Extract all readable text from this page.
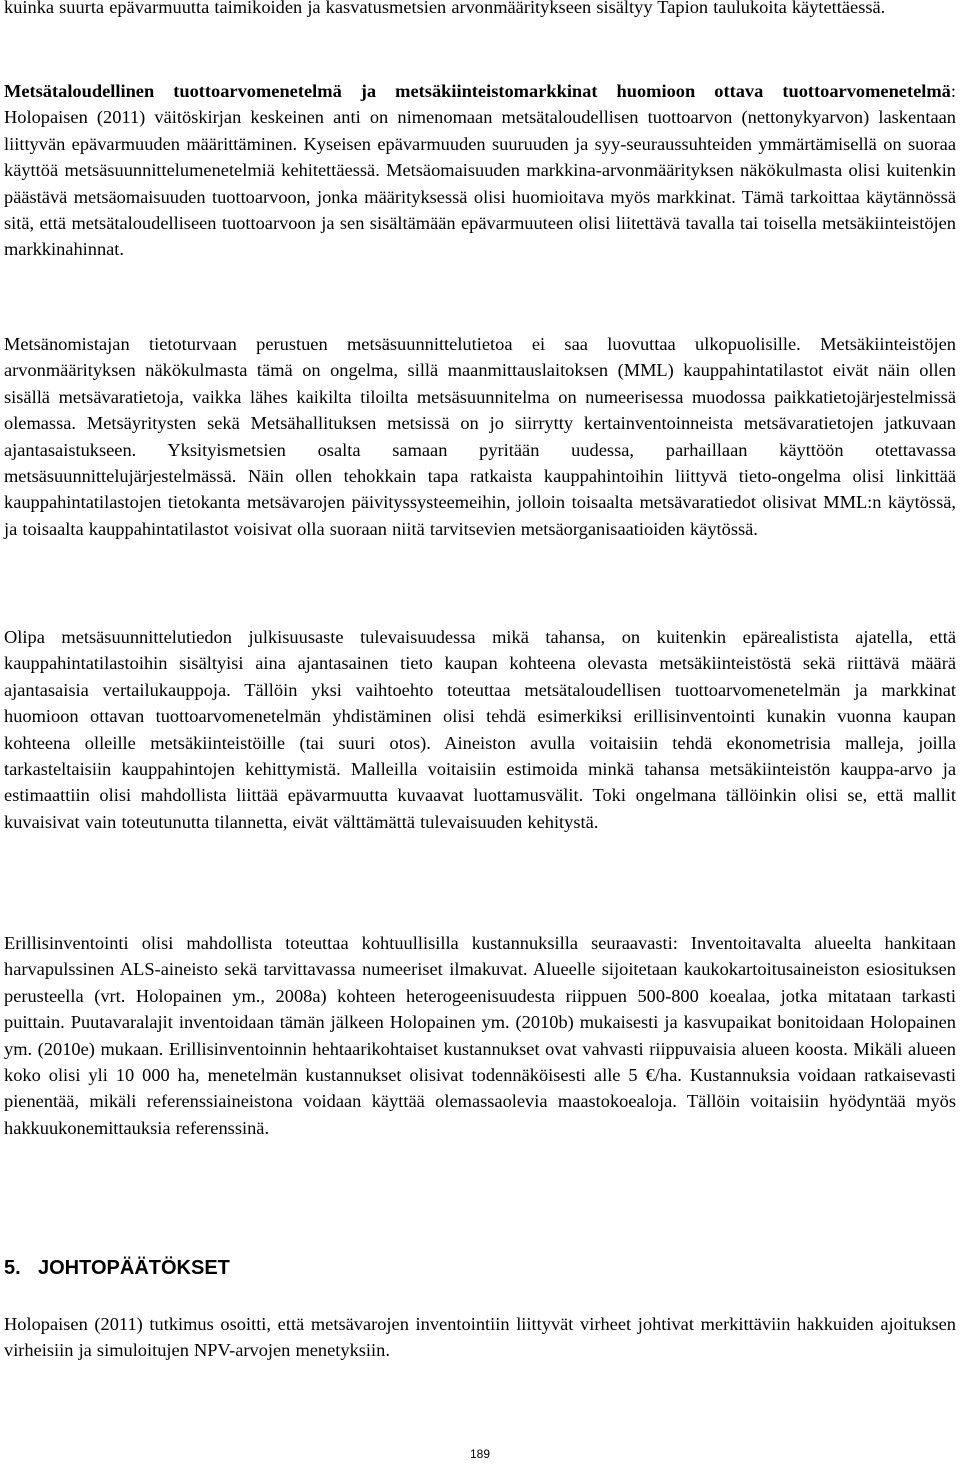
kuinka suurta epävarmuutta taimikoiden ja kasvatusmetsien arvonmääritykseen sisältyy Tapion taulukoita käytettäessä.

Metsätaloudellinen tuottoarvomenetelmä ja metsäkiinteistomarkkinat huomioon ottava tuottoarvomenetelmä: Holopaisen (2011) väitöskirjan keskeinen anti on nimenomaan metsätaloudellisen tuottoarvon (nettonykyarvon) laskentaan liittyvän epävarmuuden määrittäminen. Kyseisen epävarmuuden suuruuden ja syy-seuraussuhteiden ymmärtämisellä on suoraa käyttöä metsäsuunnittelumenetelmiä kehitettäessä. Metsäomaisuuden markkina-arvonmäärityksen näkökulmasta olisi kuitenkin päästävä metsäomaisuuden tuottoarvoon, jonka määrityksessä olisi huomioitava myös markkinat. Tämä tarkoittaa käytännössä sitä, että metsätaloudelliseen tuottoarvoon ja sen sisältämään epävarmuuteen olisi liitettävä tavalla tai toisella metsäkiinteistöjen markkinahinnat.

Metsänomistajan tietoturvaan perustuen metsäsuunnittelutietoa ei saa luovuttaa ulkopuolisille. Metsäkiinteistöjen arvonmäärityksen näkökulmasta tämä on ongelma, sillä maanmittauslaitoksen (MML) kauppahintatilastot eivät näin ollen sisällä metsävaratietoja, vaikka lähes kaikilta tiloilta metsäsuunnitelma on numeerisessa muodossa paikkatietojärjestelmissä olemassa. Metsäyritysten sekä Metsähallituksen metsissä on jo siirrytty kertainventoinneista metsävaratietojen jatkuvaan ajantasaistukseen. Yksityismetsien osalta samaan pyritään uudessa, parhaillaan käyttöön otettavassa metsäsuunnittelujärjestelmässä. Näin ollen tehokkain tapa ratkaista kauppahintoihin liittyvä tieto-ongelma olisi linkittää kauppahintatilastojen tietokanta metsävarojen päivityssysteemeihin, jolloin toisaalta metsävaratiedot olisivat MML:n käytössä, ja toisaalta kauppahintatilastot voisivat olla suoraan niitä tarvitsevien metsäorganisaatioiden käytössä.

Olipa metsäsuunnittelutiedon julkisuusaste tulevaisuudessa mikä tahansa, on kuitenkin epärealistista ajatella, että kauppahintatilastoihin sisältyisi aina ajantasainen tieto kaupan kohteena olevasta metsäkiinteistöstä sekä riittävä määrä ajantasaisia vertailukauppoja. Tällöin yksi vaihtoehto toteuttaa metsätaloudellisen tuottoarvomenetelmän ja markkinat huomioon ottavan tuottoarvomenetelmän yhdistäminen olisi tehdä esimerkiksi erillisinventointi kunakin vuonna kaupan kohteena olleille metsäkiinteistöille (tai suuri otos). Aineiston avulla voitaisiin tehdä ekonometrisia malleja, joilla tarkasteltaisiin kauppahintojen kehittymistä. Malleilla voitaisiin estimoida minkä tahansa metsäkiinteistön kauppa-arvo ja estimaattiin olisi mahdollista liittää epävarmuutta kuvaavat luottamusvälit. Toki ongelmana tällöinkin olisi se, että mallit kuvaisivat vain toteutunutta tilannetta, eivät välttämättä tulevaisuuden kehitystä.

Erillisinventointi olisi mahdollista toteuttaa kohtuullisilla kustannuksilla seuraavasti: Inventoitavalta alueelta hankitaan harvapulssinen ALS-aineisto sekä tarvittavassa numeeriset ilmakuvat. Alueelle sijoitetaan kaukokartoitusaineiston esiosituksen perusteella (vrt. Holopainen ym., 2008a) kohteen heterogeenisuudesta riippuen 500-800 koealaa, jotka mitataan tarkasti puittain. Puutavaralajit inventoidaan tämän jälkeen Holopainen ym. (2010b) mukaisesti ja kasvupaikat bonitoidaan Holopainen ym. (2010e) mukaan. Erillisinventoinnin hehtaarikohtaiset kustannukset ovat vahvasti riippuvaisia alueen koosta. Mikäli alueen koko olisi yli 10 000 ha, menetelmän kustannukset olisivat todennäköisesti alle 5 €/ha. Kustannuksia voidaan ratkaisevasti pienentää, mikäli referenssiaineistona voidaan käyttää olemassaolevia maastokoealoja. Tällöin voitaisiin hyödyntää myös hakkuukonemittauksia referenssinä.

5. JOHTOPÄÄTÖKSET

Holopaisen (2011) tutkimus osoitti, että metsävarojen inventointiin liittyvät virheet johtivat merkittäviin hakkuiden ajoituksen virheisiin ja simuloitujen NPV-arvojen menetyksiin.

189
